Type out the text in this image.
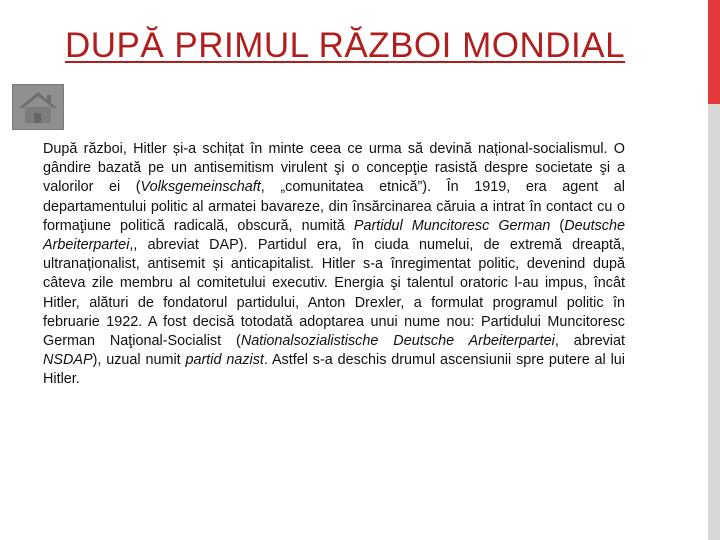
DUPĂ PRIMUL RĂZBOI MONDIAL

După război, Hitler și-a schițat în minte ceea ce urma să devină național-socialismul. O gândire bazată pe un antisemitism virulent şi o concepţie rasistă despre societate şi a valorilor ei (Volksgemeinschaft, „comunitatea etnică”). În 1919, era agent al departamentului politic al armatei bavareze, din însărcinarea căruia a intrat în contact cu o formaţiune politică radicală, obscură, numită Partidul Muncitoresc German (Deutsche Arbeiterpartei,, abreviat DAP). Partidul era, în ciuda numelui, de extremă dreaptă, ultranaționalist, antisemit și anticapitalist. Hitler s-a înregimentat politic, devenind după câteva zile membru al comitetului executiv. Energia şi talentul oratoric l-au impus, încât Hitler, alături de fondatorul partidului, Anton Drexler, a formulat programul politic în februarie 1922. A fost decisă totodată adoptarea unui nume nou: Partidului Muncitoresc German Naţional-Socialist (Nationalsozialistische Deutsche Arbeiterpartei, abreviat NSDAP), uzual numit partid nazist. Astfel s-a deschis drumul ascensiunii spre putere al lui Hitler.
